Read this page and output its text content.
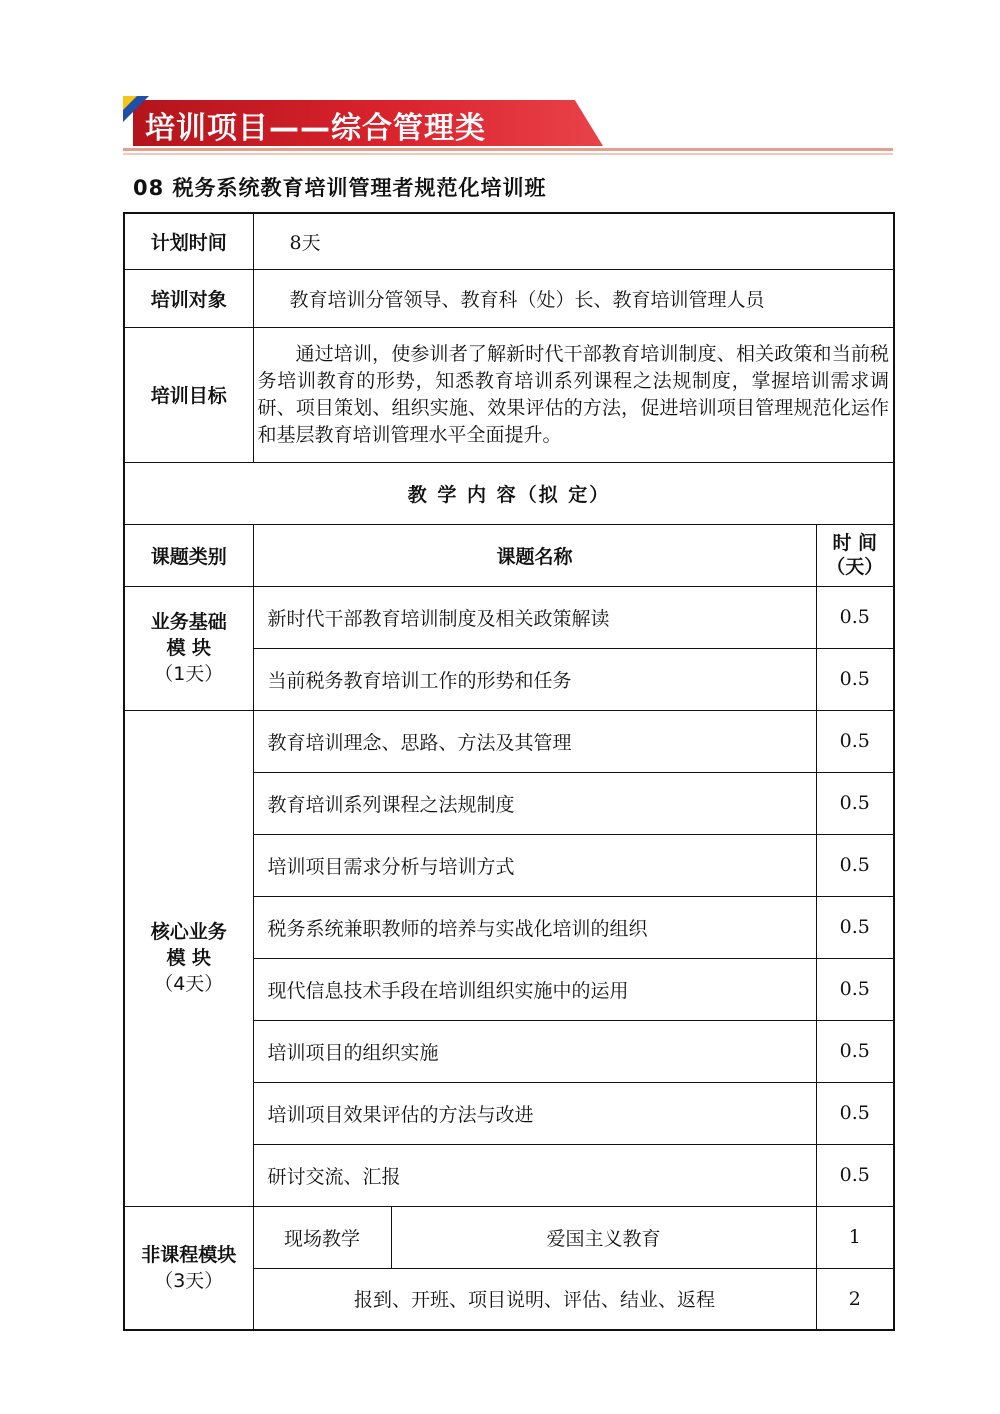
培训项目——综合管理类
08 税务系统教育培训管理者规范化培训班
计划时间	8天		
培训对象	教育培训分管领导、教育科（处）长、教育培训管理人员		
培训目标	通过培训，使参训者了解新时代干部教育培训制度、相关政策和当前税务培训教育的形势，知悉教育培训系列课程之法规制度，掌握培训需求调研、项目策划、组织实施、效果评估的方法，促进培训项目管理规范化运作和基层教育培训管理水平全面提升。		
教 学 内 容（拟 定）			
课题类别	课题名称		时 间
（天）

业务基础
模 块
（1天）	新时代干部教育培训制度及相关政策解读		0.5
	当前税务教育培训工作的形势和任务		0.5

核心业务
模 块
（4天）	教育培训理念、思路、方法及其管理		0.5
	教育培训系列课程之法规制度		0.5
	培训项目需求分析与培训方式		0.5
	税务系统兼职教师的培养与实战化培训的组织		0.5
	现代信息技术手段在培训组织实施中的运用		0.5
	培训项目的组织实施		0.5
	培训项目效果评估的方法与改进		0.5
	研讨交流、汇报		0.5

非课程模块
（3天）	现场教学	爱国主义教育	1
	报到、开班、项目说明、评估、结业、返程		2
